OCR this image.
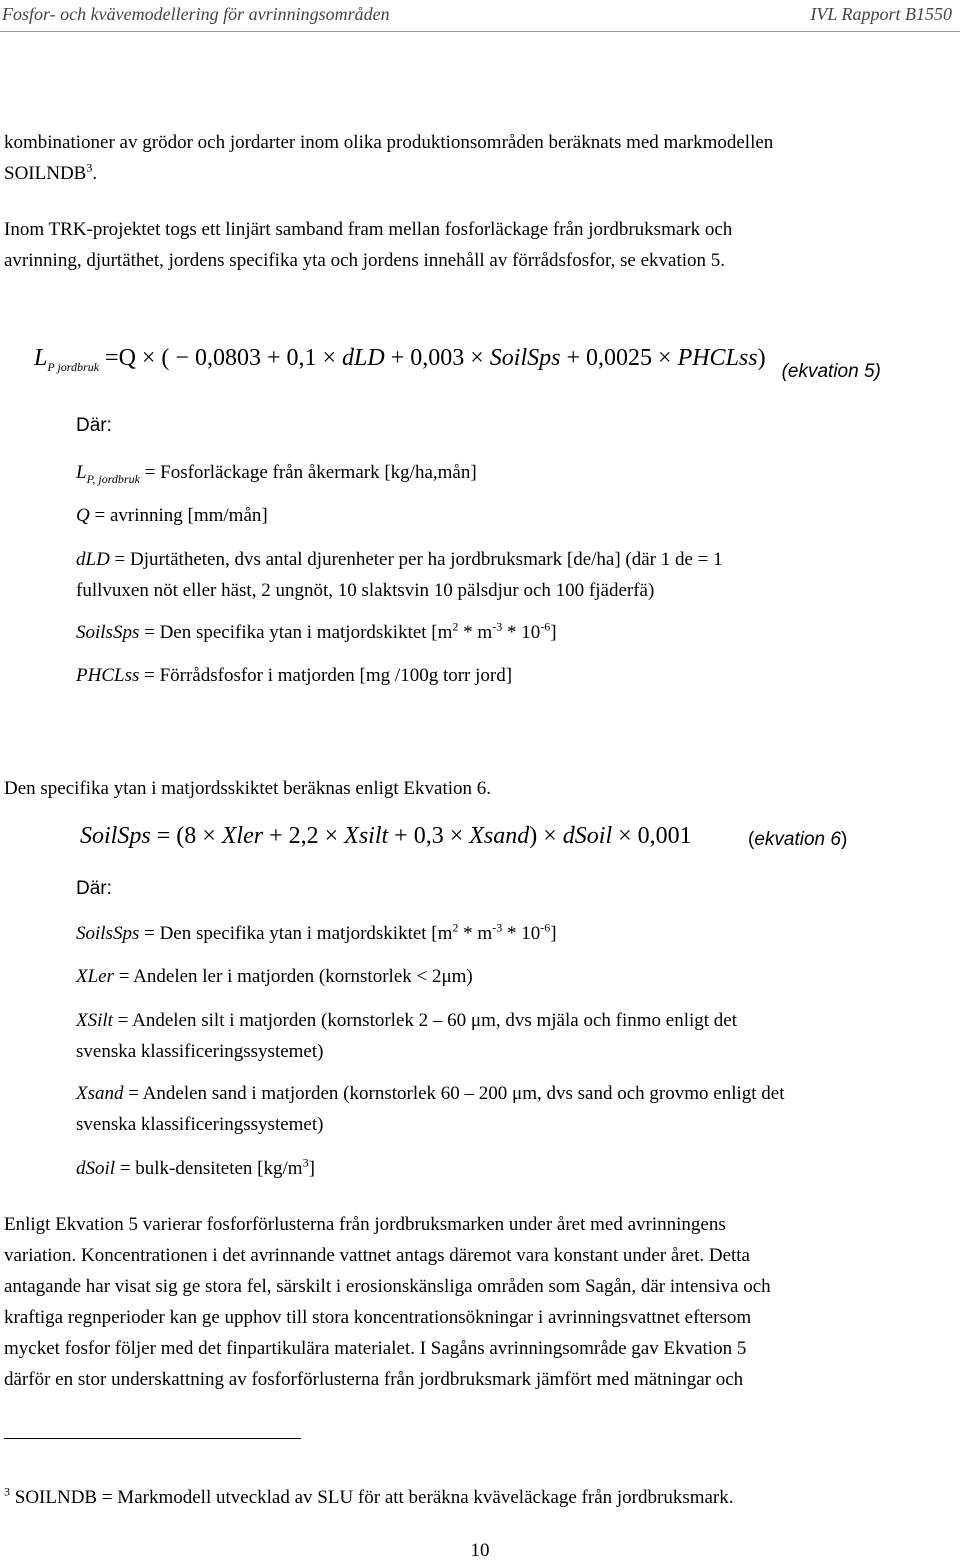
Fosfor- och kvävemodellering för avrinningsområden	IVL Rapport B1550

kombinationer av grödor och jordarter inom olika produktionsområden beräknats med markmodellen
SOILNDB$^3$.

Inom TRK-projektet togs ett linjärt samband fram mellan fosforläckage från jordbruksmark och
avrinning, djurtäthet, jordens specifika yta och jordens innehåll av förrådsfosfor, se ekvation 5.

$L_{P jordbruk} =Q$ × ( − 0,0803 + 0,1 × dLD + 0,003 × SoilSps + 0,0025 × PHCLss) $_{(ekvation 5)}$
Där:

$L_{P, jordbruk}$ = Fosforläckage från åkermark [kg/ha,mån]

Q = avrinning [mm/mån]

dLD = Djurtätheten, dvs antal djurenheter per ha jordbruksmark [de/ha] (där 1 de = 1
fullvuxen nöt eller häst, 2 ungnöt, 10 slaktsvin 10 pälsdjur och 100 fjäderfä)

SoilsSps = Den specifika ytan i matjordskiktet $[m^2 * m^{-3} * 10^{-6}]$

PHCLss = Förrådsfosfor i matjorden [mg /100g torr jord]

Den specifika ytan i matjordsskiktet beräknas enligt Ekvation 6.

SoilSps = (8 × Xler + 2,2 × Xsilt + 0,3 × Xsand) × dSoil × 0,001	(ekvation 6)
Där:

SoilsSps = Den specifika ytan i matjordskiktet $[m^2 * m^{-3} * 10^{-6}]$

XLer = Andelen ler i matjorden (kornstorlek < 2μm)

XSilt = Andelen silt i matjorden (kornstorlek 2 – 60 μm, dvs mjäla och finmo enligt det
svenska klassificeringssystemet)

Xsand = Andelen sand i matjorden (kornstorlek 60 – 200 μm, dvs sand och grovmo enligt det
svenska klassificeringssystemet)

dSoil = bulk-densiteten $[kg/m^3]$

Enligt Ekvation 5 varierar fosforförlusterna från jordbruksmarken under året med avrinningens
variation. Koncentrationen i det avrinnande vattnet antags däremot vara konstant under året. Detta
antagande har visat sig ge stora fel, särskilt i erosionskänsliga områden som Sagån, där intensiva och
kraftiga regnperioder kan ge upphov till stora koncentrationsökningar i avrinningsvattnet eftersom
mycket fosfor följer med det finpartikulära materialet. I Sagåns avrinningsområde gav Ekvation 5
därför en stor underskattning av fosforförlusterna från jordbruksmark jämfört med mätningar och

$^3$ SOILNDB = Markmodell utvecklad av SLU för att beräkna kväveläckage från jordbruksmark.

10
